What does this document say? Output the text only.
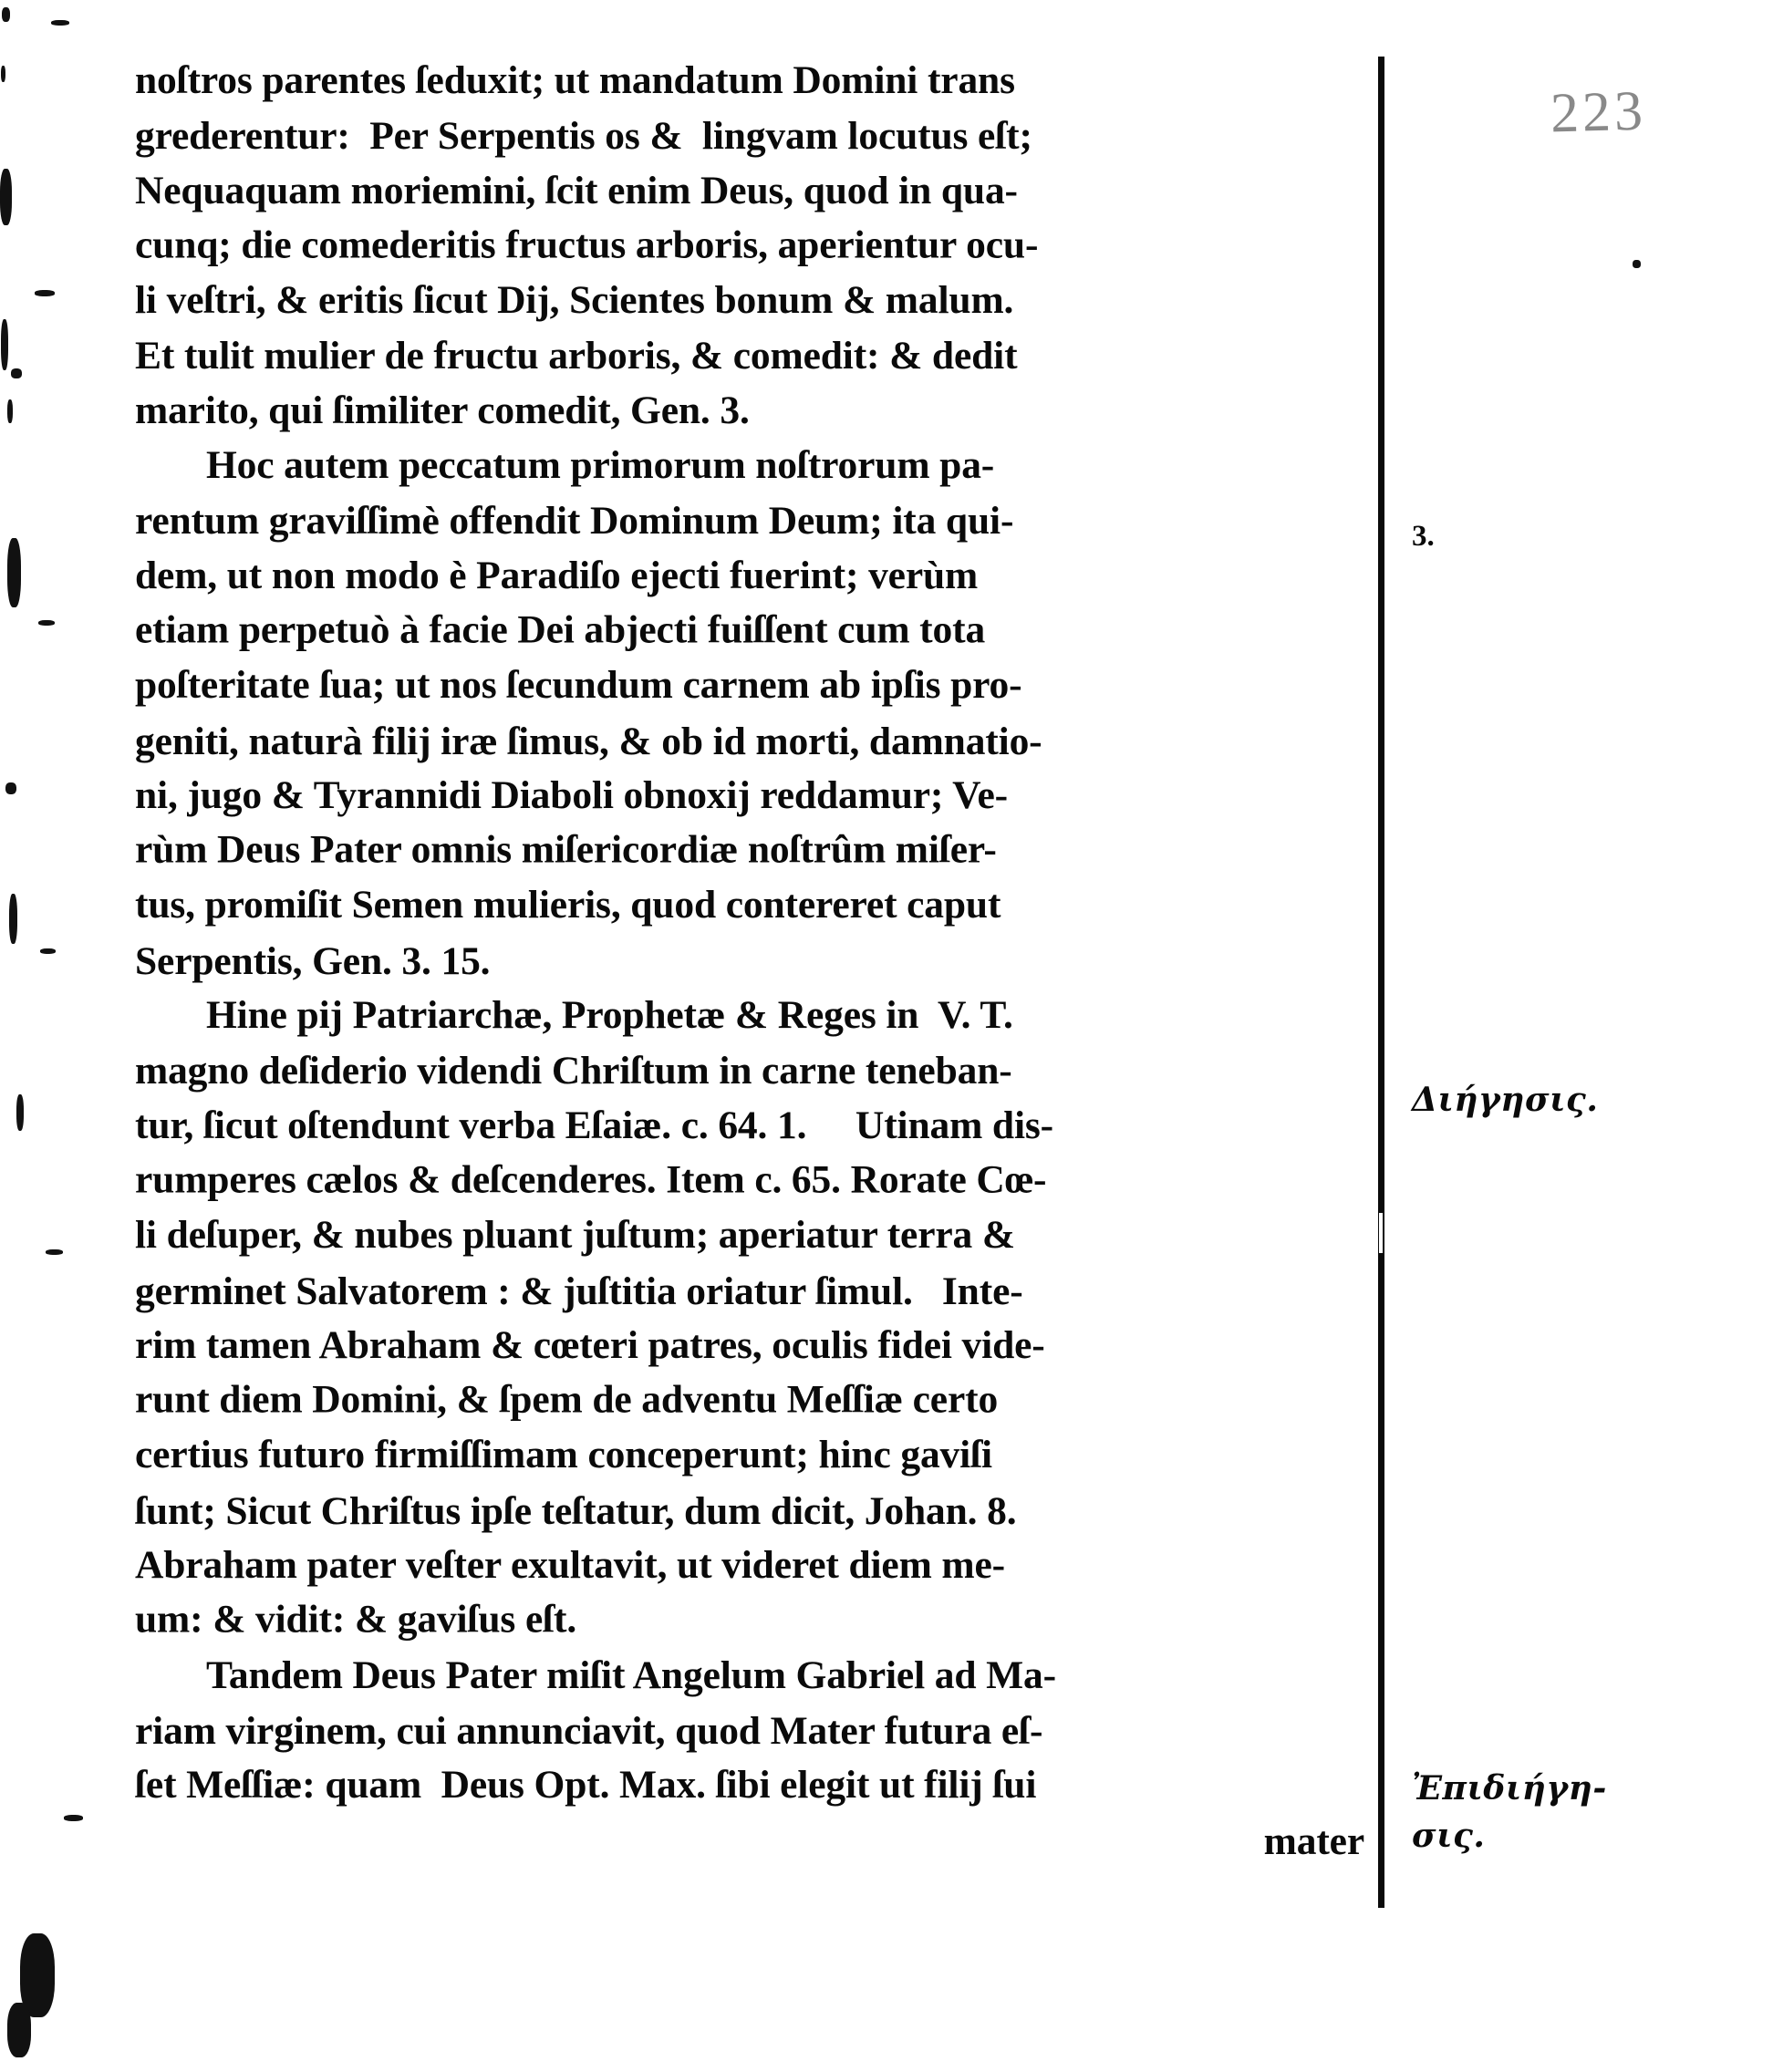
223
noſtros parentes ſeduxit; ut mandatum Domini trans
grederentur:  Per Serpentis os &  lingvam locutus eſt;
Nequaquam moriemini, ſcit enim Deus, quod in qua-
cunq; die comederitis fructus arboris, aperientur ocu-
li veſtri, & eritis ſicut Dij, Scientes bonum & malum.
Et tulit mulier de fructu arboris, & comedit: & dedit
marito, qui ſimiliter comedit, Gen. 3.
Hoc autem peccatum primorum noſtrorum pa-
rentum graviſſimè offendit Dominum Deum; ita qui-
dem, ut non modo è Paradiſo ejecti fuerint; verùm
etiam perpetuò à facie Dei abjecti fuiſſent cum tota
poſteritate ſua; ut nos ſecundum carnem ab ipſis pro-
geniti, naturà filij iræ ſimus, & ob id morti, damnatio-
ni, jugo & Tyrannidi Diaboli obnoxij reddamur; Ve-
rùm Deus Pater omnis miſericordiæ noſtrûm miſer-
tus, promiſit Semen mulieris, quod contereret caput
Serpentis, Gen. 3. 15.
Hine pij Patriarchæ, Prophetæ & Reges in  V. T.
magno deſiderio videndi Chriſtum in carne teneban-
tur, ſicut oſtendunt verba Eſaiæ. c. 64. 1.     Utinam dis-
rumperes cælos & deſcenderes. Item c. 65. Rorate Cœ-
li deſuper, & nubes pluant juſtum; aperiatur terra &
germinet Salvatorem : & juſtitia oriatur ſimul.   Inte-
rim tamen Abraham & cœteri patres, oculis fidei vide-
runt diem Domini, & ſpem de adventu Meſſiæ certo
certius futuro firmiſſimam conceperunt; hinc gaviſi
ſunt; Sicut Chriſtus ipſe teſtatur, dum dicit, Johan. 8.
Abraham pater veſter exultavit, ut videret diem me-
um: & vidit: & gaviſus eſt.
Tandem Deus Pater miſit Angelum Gabriel ad Ma-
riam virginem, cui annunciavit, quod Mater futura eſ-
ſet Meſſiæ: quam  Deus Opt. Max. ſibi elegit ut filij ſui
mater
3.
Διήγησις.
Ἐπιδιήγη-
σις.
